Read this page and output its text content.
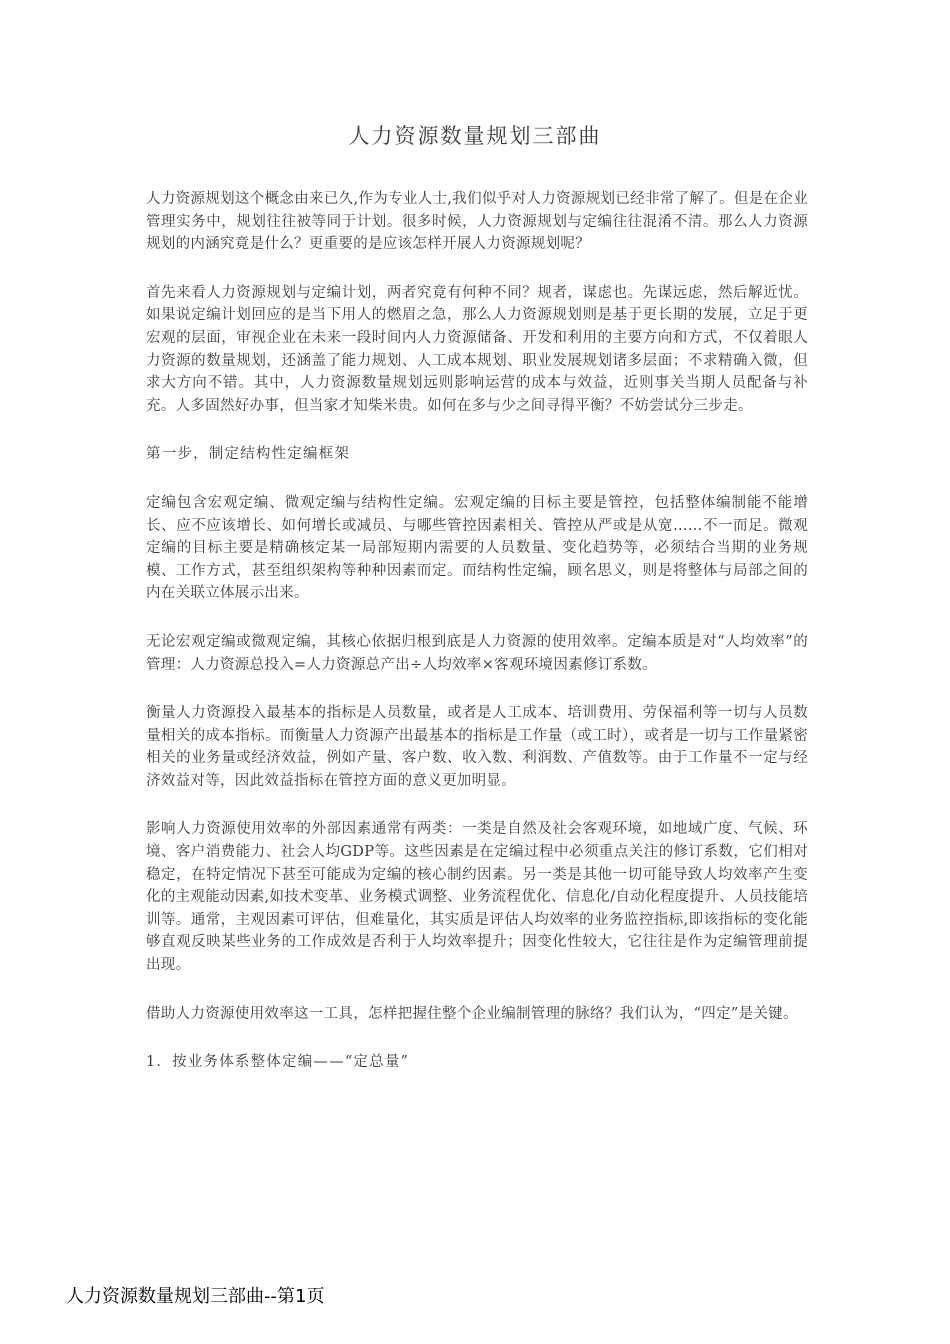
人力资源数量规划三部曲

人力资源规划这个概念由来已久,作为专业人士,我们似乎对人力资源规划已经非常了解了。但是在企业管理实务中，规划往往被等同于计划。很多时候，人力资源规划与定编往往混淆不清。那么人力资源规划的内涵究竟是什么？更重要的是应该怎样开展人力资源规划呢？

首先来看人力资源规划与定编计划，两者究竟有何种不同？规者，谋虑也。先谋远虑，然后解近忧。如果说定编计划回应的是当下用人的燃眉之急，那么人力资源规划则是基于更长期的发展，立足于更宏观的层面，审视企业在未来一段时间内人力资源储备、开发和利用的主要方向和方式，不仅着眼人力资源的数量规划，还涵盖了能力规划、人工成本规划、职业发展规划诸多层面；不求精确入微，但求大方向不错。其中，人力资源数量规划远则影响运营的成本与效益，近则事关当期人员配备与补充。人多固然好办事，但当家才知柴米贵。如何在多与少之间寻得平衡？不妨尝试分三步走。

第一步，制定结构性定编框架

定编包含宏观定编、微观定编与结构性定编。宏观定编的目标主要是管控，包括整体编制能不能增长、应不应该增长、如何增长或减员、与哪些管控因素相关、管控从严或是从宽……不一而足。微观定编的目标主要是精确核定某一局部短期内需要的人员数量、变化趋势等，必须结合当期的业务规模、工作方式，甚至组织架构等种种因素而定。而结构性定编，顾名思义，则是将整体与局部之间的内在关联立体展示出来。

无论宏观定编或微观定编，其核心依据归根到底是人力资源的使用效率。定编本质是对“人均效率”的管理：人力资源总投入=人力资源总产出÷人均效率×客观环境因素修订系数。

衡量人力资源投入最基本的指标是人员数量，或者是人工成本、培训费用、劳保福利等一切与人员数量相关的成本指标。而衡量人力资源产出最基本的指标是工作量（或工时），或者是一切与工作量紧密相关的业务量或经济效益，例如产量、客户数、收入数、利润数、产值数等。由于工作量不一定与经济效益对等，因此效益指标在管控方面的意义更加明显。

影响人力资源使用效率的外部因素通常有两类：一类是自然及社会客观环境，如地域广度、气候、环境、客户消费能力、社会人均GDP等。这些因素是在定编过程中必须重点关注的修订系数，它们相对稳定，在特定情况下甚至可能成为定编的核心制约因素。另一类是其他一切可能导致人均效率产生变化的主观能动因素,如技术变革、业务模式调整、业务流程优化、信息化/自动化程度提升、人员技能培训等。通常，主观因素可评估，但难量化，其实质是评估人均效率的业务监控指标,即该指标的变化能够直观反映某些业务的工作成效是否利于人均效率提升；因变化性较大，它往往是作为定编管理前提出现。

借助人力资源使用效率这一工具，怎样把握住整个企业编制管理的脉络？我们认为，“四定”是关键。

1．按业务体系整体定编——“定总量”

人力资源数量规划三部曲--第1页
